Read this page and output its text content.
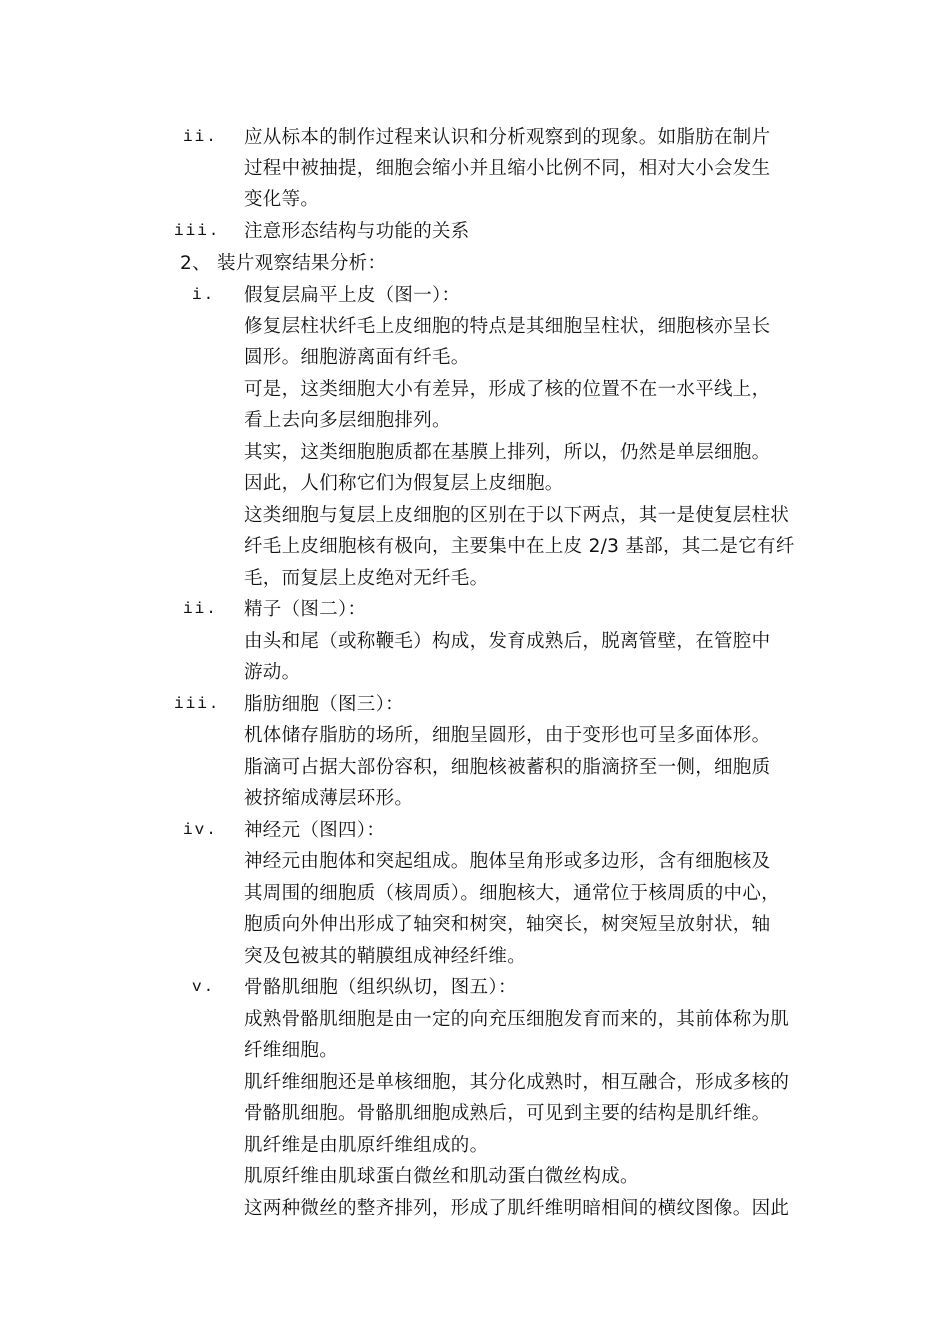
ii. 应从标本的制作过程来认识和分析观察到的现象。如脂肪在制片
过程中被抽提，细胞会缩小并且缩小比例不同，相对大小会发生
变化等。
iii. 注意形态结构与功能的关系
2、 装片观察结果分析：
i. 假复层扁平上皮（图一）：
修复层柱状纤毛上皮细胞的特点是其细胞呈柱状，细胞核亦呈长
圆形。细胞游离面有纤毛。
可是，这类细胞大小有差异，形成了核的位置不在一水平线上，
看上去向多层细胞排列。
其实，这类细胞胞质都在基膜上排列，所以，仍然是单层细胞。
因此，人们称它们为假复层上皮细胞。
这类细胞与复层上皮细胞的区别在于以下两点，其一是使复层柱状
纤毛上皮细胞核有极向，主要集中在上皮 2/3 基部，其二是它有纤
毛，而复层上皮绝对无纤毛。
ii. 精子（图二）：
由头和尾（或称鞭毛）构成，发育成熟后，脱离管壁，在管腔中
游动。
iii. 脂肪细胞（图三）：
机体储存脂肪的场所，细胞呈圆形，由于变形也可呈多面体形。
脂滴可占据大部份容积，细胞核被蓄积的脂滴挤至一侧，细胞质
被挤缩成薄层环形。
iv. 神经元（图四）：
神经元由胞体和突起组成。胞体呈角形或多边形，含有细胞核及
其周围的细胞质（核周质）。细胞核大，通常位于核周质的中心，
胞质向外伸出形成了轴突和树突，轴突长，树突短呈放射状，轴
突及包被其的鞘膜组成神经纤维。
v. 骨骼肌细胞（组织纵切，图五）：
成熟骨骼肌细胞是由一定的向充压细胞发育而来的，其前体称为肌
纤维细胞。
肌纤维细胞还是单核细胞，其分化成熟时，相互融合，形成多核的
骨骼肌细胞。骨骼肌细胞成熟后，可见到主要的结构是肌纤维。
肌纤维是由肌原纤维组成的。
肌原纤维由肌球蛋白微丝和肌动蛋白微丝构成。
这两种微丝的整齐排列，形成了肌纤维明暗相间的横纹图像。因此
